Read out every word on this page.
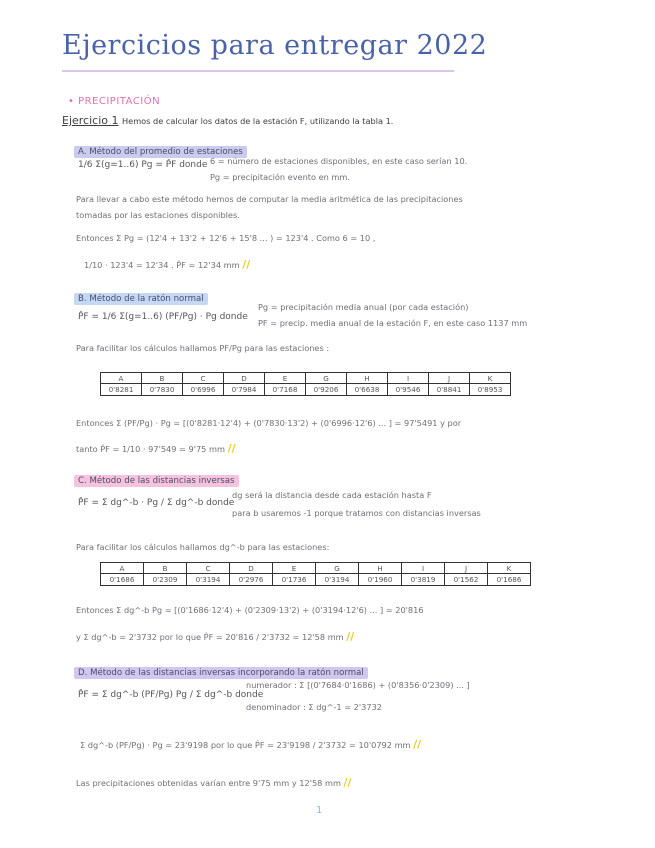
Ejercicios para entregar 2022
• PRECIPITACIÓN
Ejercicio 1 Hemos de calcular los datos de la estación F, utilizando la tabla 1.
A. Método del promedio de estaciones
1/6 Σ(g=1..6) Pg = P̂F donde 6 = número de estaciones disponibles, en este caso serían 10.
Pg = precipitación evento en mm.
Para llevar a cabo este método hemos de computar la media aritmética de las precipitaciones
tomadas por las estaciones disponibles.
Entonces Σ Pg = (12'4 + 13'2 + 12'6 + 15'8 ... ) = 123'4 . Como 6 = 10 ,
1/10 · 123'4 = 12'34 . P̂F = 12'34 mm //
B. Método de la ratón normal
P̂F = 1/6 Σ(g=1..6) (PF/Pg) · Pg donde
Pg = precipitación media anual (por cada estación)
PF = precip. media anual de la estación F, en este caso 1137 mm
Para facilitar los cálculos hallamos PF/Pg para las estaciones :
A	B	C	D	E	G	H	I	J	K
0'8281	0'7830	0'6996	0'7984	0'7168	0'9206	0'6638	0'9546	0'8841	0'8953
Entonces Σ (PF/Pg) · Pg = [(0'8281·12'4) + (0'7830·13'2) + (0'6996·12'6) ... ] = 97'5491 y por
tanto P̂F = 1/10 · 97'549 = 9'75 mm //
C. Método de las distancias inversas
P̂F = Σ dg^-b · Pg / Σ dg^-b donde
dg será la distancia desde cada estación hasta F
para b usaremos -1 porque tratamos con distancias inversas
Para facilitar los cálculos hallamos dg^-b para las estaciones:
A	B	C	D	E	G	H	I	J	K
0'1686	0'2309	0'3194	0'2976	0'1736	0'3194	0'1960	0'3819	0'1562	0'1686
Entonces Σ dg^-b Pg = [(0'1686·12'4) + (0'2309·13'2) + (0'3194·12'6) ... ] = 20'816
y Σ dg^-b = 2'3732 por lo que P̂F = 20'816 / 2'3732 = 12'58 mm //
D. Método de las distancias inversas incorporando la ratón normal
P̂F = Σ dg^-b (PF/Pg) Pg / Σ dg^-b donde
numerador : Σ [(0'7684·0'1686) + (0'8356·0'2309) ... ]
denominador : Σ dg^-1 = 2'3732
Σ dg^-b (PF/Pg) · Pg = 23'9198 por lo que P̂F = 23'9198 / 2'3732 = 10'0792 mm //
Las precipitaciones obtenidas varían entre 9'75 mm y 12'58 mm //
1
